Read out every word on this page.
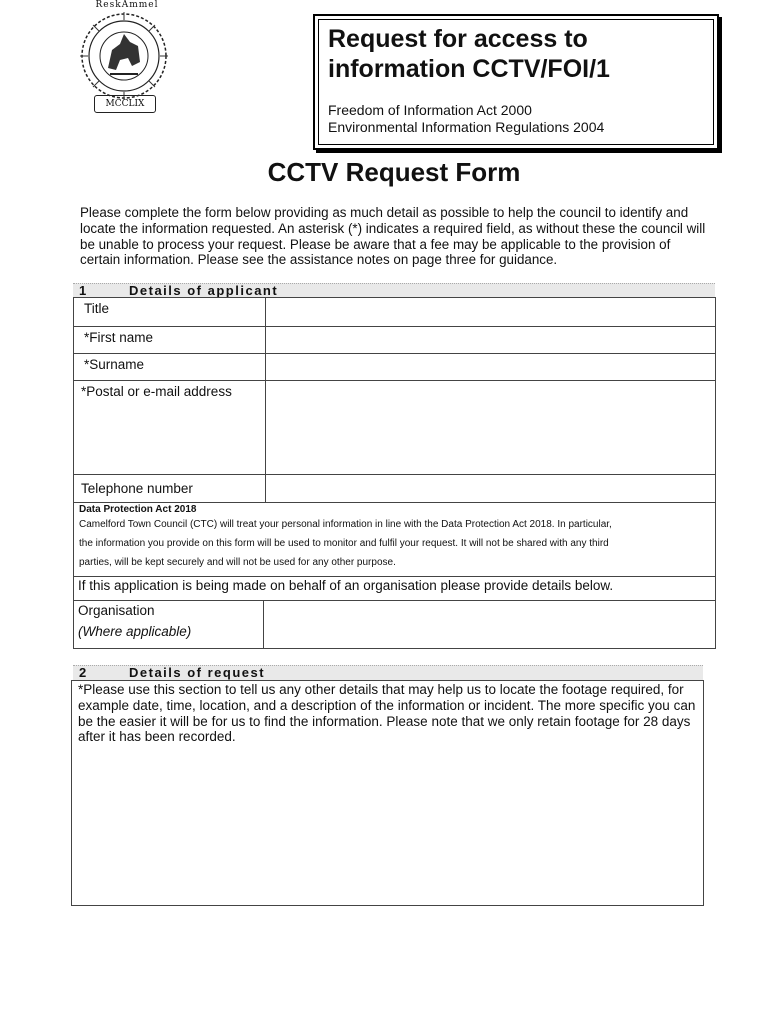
ReskAmmel
MCCLIX
Request for access to
information CCTV/FOI/1
Freedom of Information Act 2000
Environmental Information Regulations 2004
CCTV Request Form
Please complete the form below providing as much detail as possible to help the council to identify and locate the information requested. An asterisk (*) indicates a required field, as without these the council will be unable to process your request. Please be aware that a fee may be applicable to the provision of certain information. Please see the assistance notes on page three for guidance.
1	Details of applicant
Title	
*First name	
*Surname	
*Postal or e-mail address	
Telephone number	
Data Protection Act 2018
Camelford Town Council (CTC) will treat your personal information in line with the Data Protection Act 2018. In particular,
the information you provide on this form will be used to monitor and fulfil your request. It will not be shared with any third
parties, will be kept securely and will not be used for any other purpose.
If this application is being made on behalf of an organisation please provide details below.
Organisation
(Where applicable)

2	Details of request
*Please use this section to tell us any other details that may help us to locate the footage required, for example date, time, location, and a description of the information or incident. The more specific you can be the easier it will be for us to find the information. Please note that we only retain footage for 28 days after it has been recorded.
